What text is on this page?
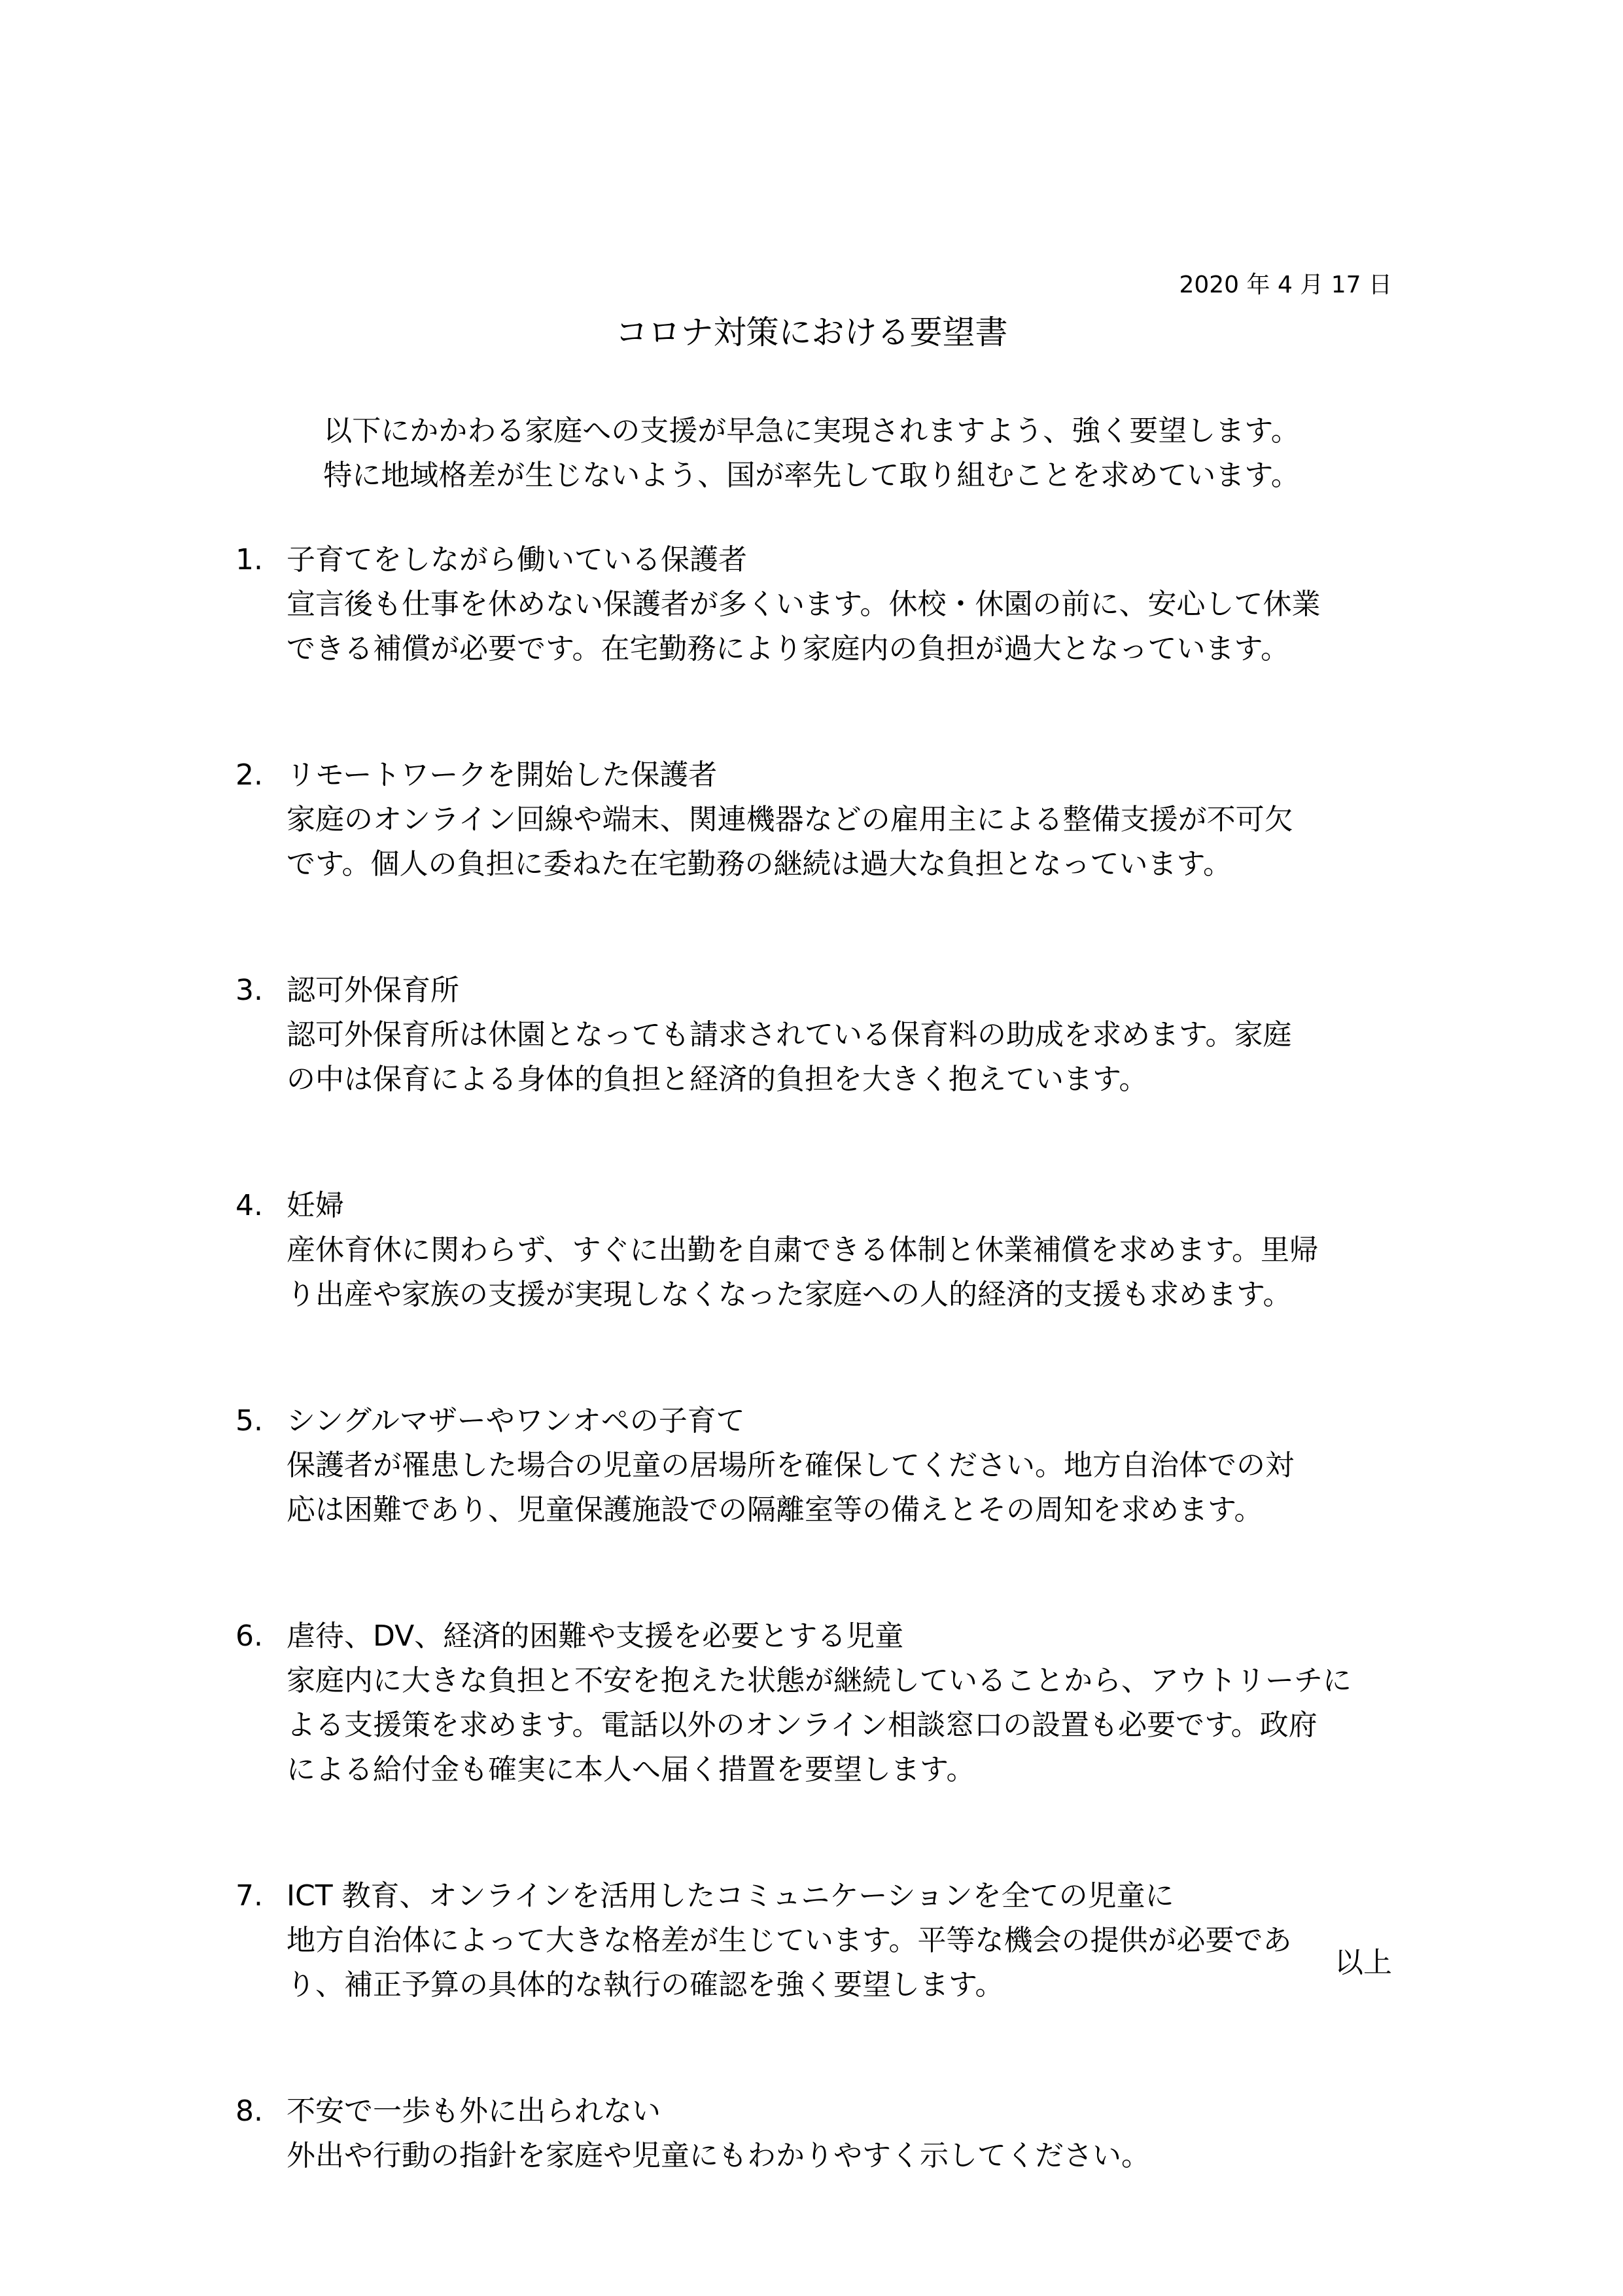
2020 年 4 月 17 日
コロナ対策における要望書
以下にかかわる家庭への支援が早急に実現されますよう、強く要望します。
特に地域格差が生じないよう、国が率先して取り組むことを求めています。
1. 子育てをしながら働いている保護者
宣言後も仕事を休めない保護者が多くいます。休校・休園の前に、安心して休業
できる補償が必要です。在宅勤務により家庭内の負担が過大となっています。
2. リモートワークを開始した保護者
家庭のオンライン回線や端末、関連機器などの雇用主による整備支援が不可欠
です。個人の負担に委ねた在宅勤務の継続は過大な負担となっています。
3. 認可外保育所
認可外保育所は休園となっても請求されている保育料の助成を求めます。家庭
の中は保育による身体的負担と経済的負担を大きく抱えています。
4. 妊婦
産休育休に関わらず、すぐに出勤を自粛できる体制と休業補償を求めます。里帰
り出産や家族の支援が実現しなくなった家庭への人的経済的支援も求めます。
5. シングルマザーやワンオペの子育て
保護者が罹患した場合の児童の居場所を確保してください。地方自治体での対
応は困難であり、児童保護施設での隔離室等の備えとその周知を求めます。
6. 虐待、DV、経済的困難や支援を必要とする児童
家庭内に大きな負担と不安を抱えた状態が継続していることから、アウトリーチに
よる支援策を求めます。電話以外のオンライン相談窓口の設置も必要です。政府
による給付金も確実に本人へ届く措置を要望します。
7. ICT 教育、オンラインを活用したコミュニケーションを全ての児童に
地方自治体によって大きな格差が生じています。平等な機会の提供が必要であ
り、補正予算の具体的な執行の確認を強く要望します。
8. 不安で一歩も外に出られない
外出や行動の指針を家庭や児童にもわかりやすく示してください。
以上
